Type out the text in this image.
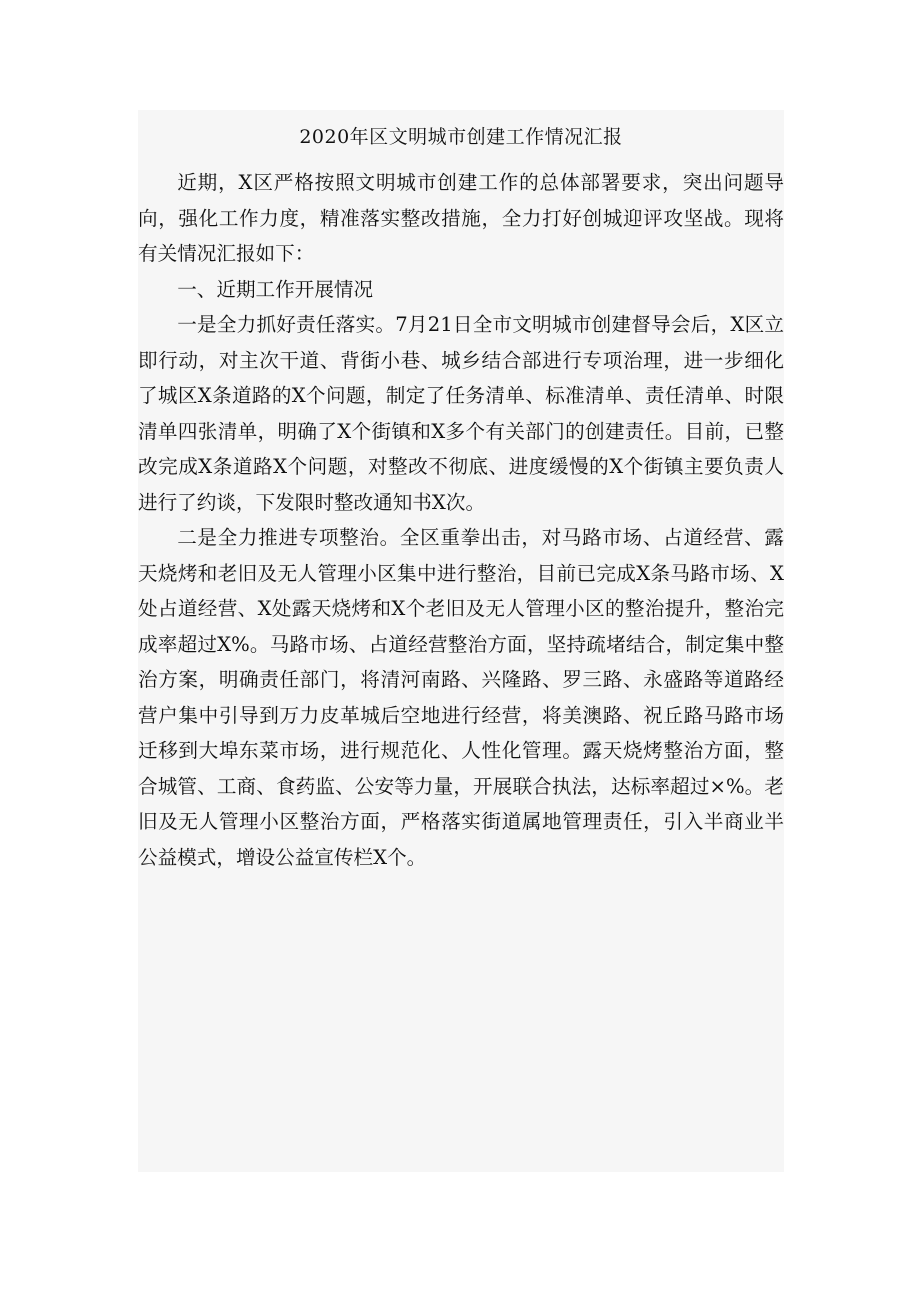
2020年区文明城市创建工作情况汇报

近期，X区严格按照文明城市创建工作的总体部署要求，突出问题导向，强化工作力度，精准落实整改措施，全力打好创城迎评攻坚战。现将有关情况汇报如下：

一、近期工作开展情况

一是全力抓好责任落实。7月21日全市文明城市创建督导会后，X区立即行动，对主次干道、背街小巷、城乡结合部进行专项治理，进一步细化了城区X条道路的X个问题，制定了任务清单、标准清单、责任清单、时限清单四张清单，明确了X个街镇和X多个有关部门的创建责任。目前，已整改完成X条道路X个问题，对整改不彻底、进度缓慢的X个街镇主要负责人进行了约谈，下发限时整改通知书X次。

二是全力推进专项整治。全区重拳出击，对马路市场、占道经营、露天烧烤和老旧及无人管理小区集中进行整治，目前已完成X条马路市场、X处占道经营、X处露天烧烤和X个老旧及无人管理小区的整治提升，整治完成率超过X%。马路市场、占道经营整治方面，坚持疏堵结合，制定集中整治方案，明确责任部门，将清河南路、兴隆路、罗三路、永盛路等道路经营户集中引导到万力皮革城后空地进行经营，将美澳路、祝丘路马路市场迁移到大埠东菜市场，进行规范化、人性化管理。露天烧烤整治方面，整合城管、工商、食药监、公安等力量，开展联合执法，达标率超过×%。老旧及无人管理小区整治方面，严格落实街道属地管理责任，引入半商业半公益模式，增设公益宣传栏X个。
